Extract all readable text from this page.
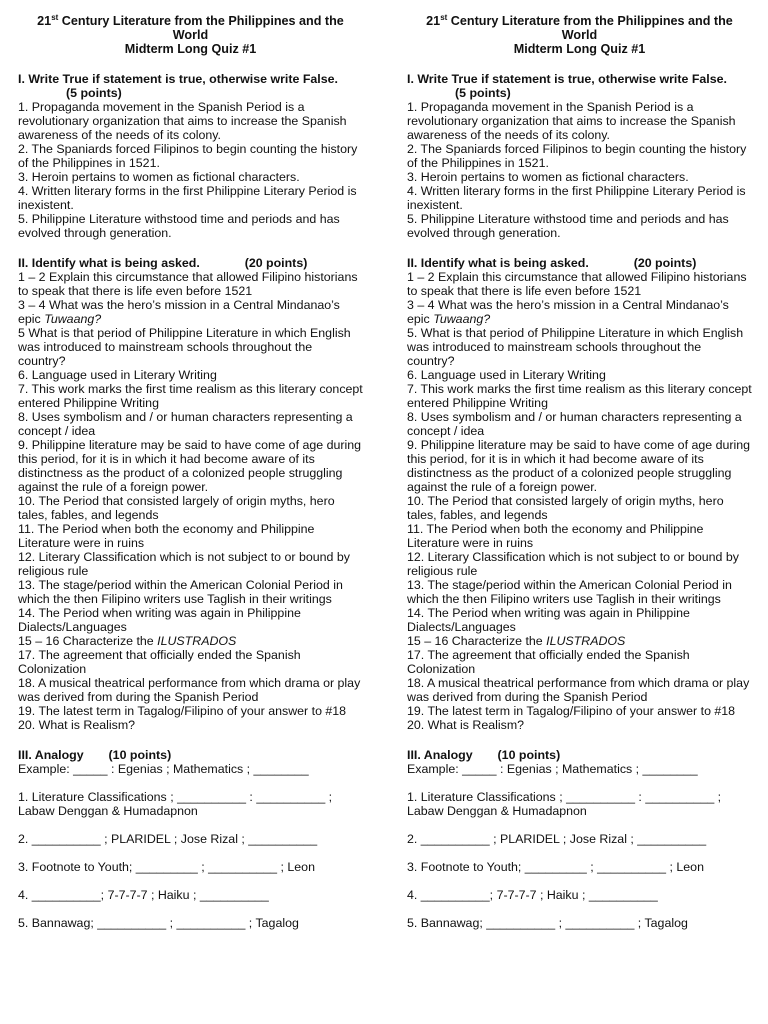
21st Century Literature from the Philippines and the
World
Midterm Long Quiz #1
I. Write True if statement is true, otherwise write False.
(5 points)

1. Propaganda movement in the Spanish Period is a revolutionary organization that aims to increase the Spanish awareness of the needs of its colony.

2. The Spaniards forced Filipinos to begin counting the history of the Philippines in 1521.

3. Heroin pertains to women as fictional characters.

4. Written literary forms in the first Philippine Literary Period is inexistent.

5. Philippine Literature withstood time and periods and has evolved through generation.

II. Identify what is being asked.	(20 points)

1 – 2 Explain this circumstance that allowed Filipino historians to speak that there is life even before 1521

3 – 4 What was the hero’s mission in a Central Mindanao’s epic Tuwaang?

5 What is that period of Philippine Literature in which English was introduced to mainstream schools throughout the country?

6. Language used in Literary Writing

7. This work marks the first time realism as this literary concept entered Philippine Writing

8. Uses symbolism and / or human characters representing a concept / idea

9. Philippine literature may be said to have come of age during this period, for it is in which it had become aware of its distinctness as the product of a colonized people struggling against the rule of a foreign power.

10. The Period that consisted largely of origin myths, hero tales, fables, and legends

11. The Period when both the economy and Philippine Literature were in ruins

12. Literary Classification which is not subject to or bound by religious rule

13. The stage/period within the American Colonial Period in which the then Filipino writers use Taglish in their writings

14. The Period when writing was again in Philippine Dialects/Languages

15 – 16 Characterize the ILUSTRADOS

17. The agreement that officially ended the Spanish Colonization

18. A musical theatrical performance from which drama or play was derived from during the Spanish Period

19. The latest term in Tagalog/Filipino of your answer to #18

20. What is Realism?

III. Analogy (10 points)

Example: _____ : Egenias ; Mathematics ; ________

1. Literature Classifications ; __________ : __________ ; Labaw Denggan & Humadapnon

2. __________ ; PLARIDEL ; Jose Rizal ; __________

3. Footnote to Youth; _________ ; __________ ; Leon

4. __________; 7-7-7-7 ; Haiku ; __________

5. Bannawag; __________ ; __________ ; Tagalog

21st Century Literature from the Philippines and the
World
Midterm Long Quiz #1
I. Write True if statement is true, otherwise write False.
(5 points)

1. Propaganda movement in the Spanish Period is a revolutionary organization that aims to increase the Spanish awareness of the needs of its colony.

2. The Spaniards forced Filipinos to begin counting the history of the Philippines in 1521.

3. Heroin pertains to women as fictional characters.

4. Written literary forms in the first Philippine Literary Period is inexistent.

5. Philippine Literature withstood time and periods and has evolved through generation.

II. Identify what is being asked.	(20 points)

1 – 2 Explain this circumstance that allowed Filipino historians to speak that there is life even before 1521

3 – 4 What was the hero’s mission in a Central Mindanao’s epic Tuwaang?

5. What is that period of Philippine Literature in which English was introduced to mainstream schools throughout the country?

6. Language used in Literary Writing

7. This work marks the first time realism as this literary concept entered Philippine Writing

8. Uses symbolism and / or human characters representing a concept / idea

9. Philippine literature may be said to have come of age during this period, for it is in which it had become aware of its distinctness as the product of a colonized people struggling against the rule of a foreign power.

10. The Period that consisted largely of origin myths, hero tales, fables, and legends

11. The Period when both the economy and Philippine Literature were in ruins

12. Literary Classification which is not subject to or bound by religious rule

13. The stage/period within the American Colonial Period in which the then Filipino writers use Taglish in their writings

14. The Period when writing was again in Philippine Dialects/Languages

15 – 16 Characterize the ILUSTRADOS

17. The agreement that officially ended the Spanish Colonization

18. A musical theatrical performance from which drama or play was derived from during the Spanish Period

19. The latest term in Tagalog/Filipino of your answer to #18

20. What is Realism?

III. Analogy (10 points)

Example: _____ : Egenias ; Mathematics ; ________

1. Literature Classifications ; __________ : __________ ; Labaw Denggan & Humadapnon

2. __________ ; PLARIDEL ; Jose Rizal ; __________

3. Footnote to Youth; _________ ; __________ ; Leon

4. __________; 7-7-7-7 ; Haiku ; __________

5. Bannawag; __________ ; __________ ; Tagalog
